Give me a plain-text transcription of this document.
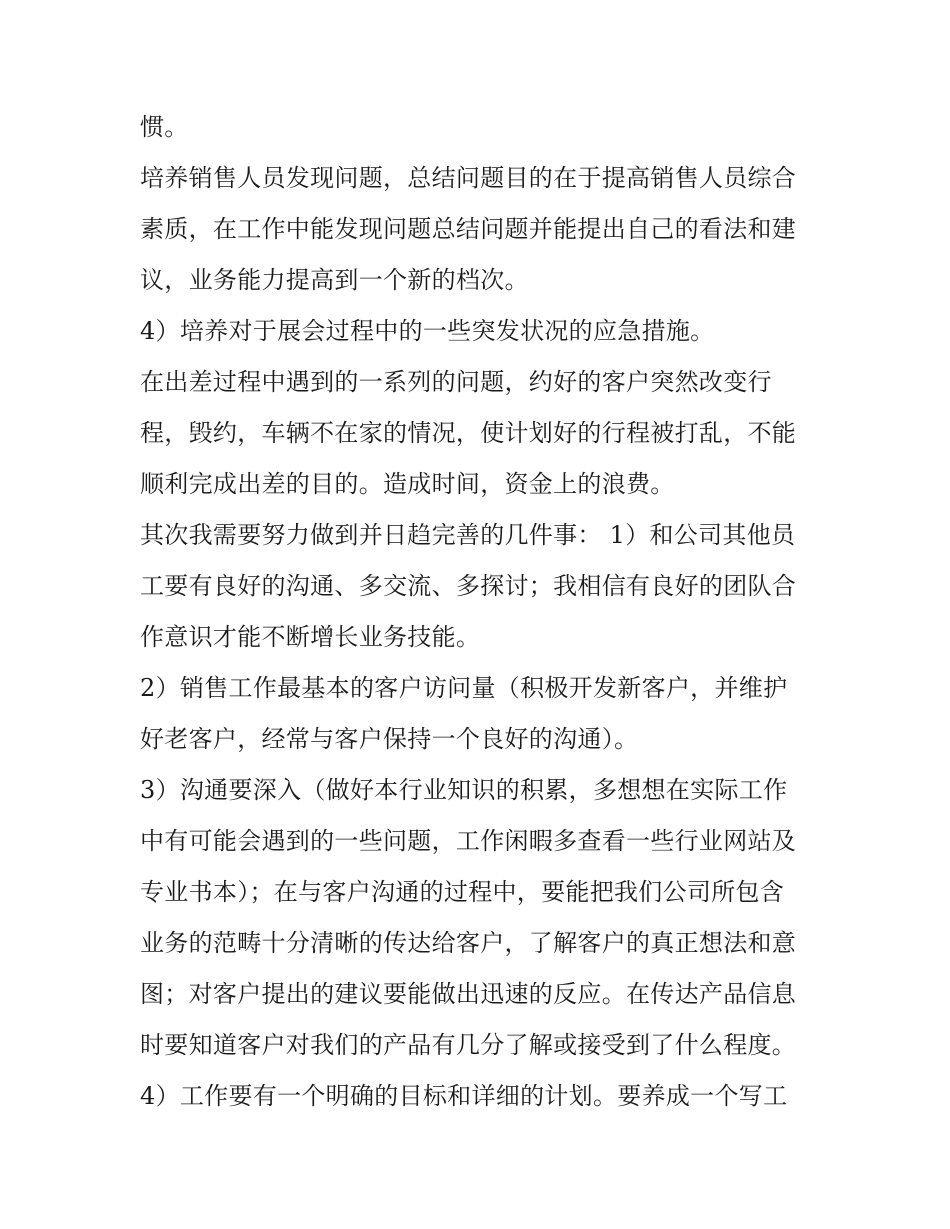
惯。
培养销售人员发现问题，总结问题目的在于提高销售人员综合
素质，在工作中能发现问题总结问题并能提出自己的看法和建
议，业务能力提高到一个新的档次。
4）培养对于展会过程中的一些突发状况的应急措施。
在出差过程中遇到的一系列的问题，约好的客户突然改变行
程，毁约，车辆不在家的情况，使计划好的行程被打乱，不能
顺利完成出差的目的。造成时间，资金上的浪费。
其次我需要努力做到并日趋完善的几件事： 1）和公司其他员
工要有良好的沟通、多交流、多探讨；我相信有良好的团队合
作意识才能不断增长业务技能。
2）销售工作最基本的客户访问量（积极开发新客户，并维护
好老客户，经常与客户保持一个良好的沟通）。
3）沟通要深入（做好本行业知识的积累，多想想在实际工作
中有可能会遇到的一些问题，工作闲暇多查看一些行业网站及
专业书本）；在与客户沟通的过程中，要能把我们公司所包含
业务的范畴十分清晰的传达给客户，了解客户的真正想法和意
图；对客户提出的建议要能做出迅速的反应。在传达产品信息
时要知道客户对我们的产品有几分了解或接受到了什么程度。
4）工作要有一个明确的目标和详细的计划。要养成一个写工
